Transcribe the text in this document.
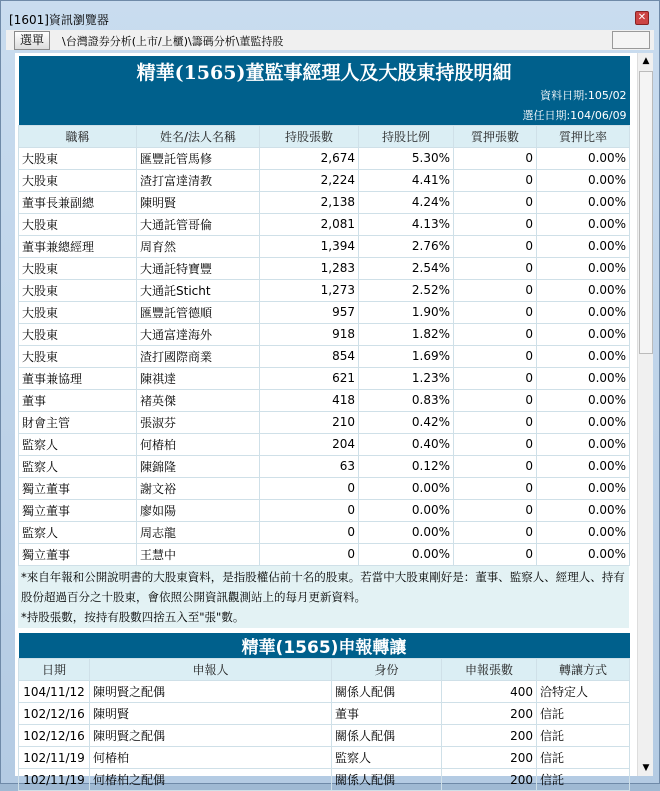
[1601]資訊瀏覽器	✕
選單	\台灣證券分析(上市/上櫃)\籌碼分析\董監持股
精華(1565)董監事經理人及大股東持股明細					
資料日期:105/02					
選任日期:104/06/09					
職稱	姓名/法人名稱	持股張數	持股比例	質押張數	質押比率
大股東	匯豐託管馬修	2,674	5.30%	0	0.00%
大股東	渣打富達清教	2,224	4.41%	0	0.00%
董事長兼副總	陳明賢	2,138	4.24%	0	0.00%
大股東	大通託管哥倫	2,081	4.13%	0	0.00%
董事兼總經理	周育然	1,394	2.76%	0	0.00%
大股東	大通託特寶豐	1,283	2.54%	0	0.00%
大股東	大通託Sticht	1,273	2.52%	0	0.00%
大股東	匯豐託管德順	957	1.90%	0	0.00%
大股東	大通富達海外	918	1.82%	0	0.00%
大股東	渣打國際商業	854	1.69%	0	0.00%
董事兼協理	陳祺達	621	1.23%	0	0.00%
董事	褚英傑	418	0.83%	0	0.00%
財會主管	張淑芬	210	0.42%	0	0.00%
監察人	何椿柏	204	0.40%	0	0.00%
監察人	陳錦隆	63	0.12%	0	0.00%
獨立董事	謝文裕	0	0.00%	0	0.00%
獨立董事	廖如陽	0	0.00%	0	0.00%
監察人	周志龍	0	0.00%	0	0.00%
獨立董事	王慧中	0	0.00%	0	0.00%
*來自年報和公開說明書的大股東資料，是指股權佔前十名的股東。若當中大股東剛好是：董事、監察人、經理人、持有股份超過百分之十股東，會依照公開資訊觀測站上的每月更新資料。
*持股張數，按持有股數四捨五入至"張"數。
精華(1565)申報轉讓				
日期	申報人	身份	申報張數	轉讓方式
104/11/12	陳明賢之配偶	關係人配偶	400	洽特定人
102/12/16	陳明賢	董事	200	信託
102/12/16	陳明賢之配偶	關係人配偶	200	信託
102/11/19	何椿柏	監察人	200	信託
102/11/19	何椿柏之配偶	關係人配偶	200	信託
▲
▼
